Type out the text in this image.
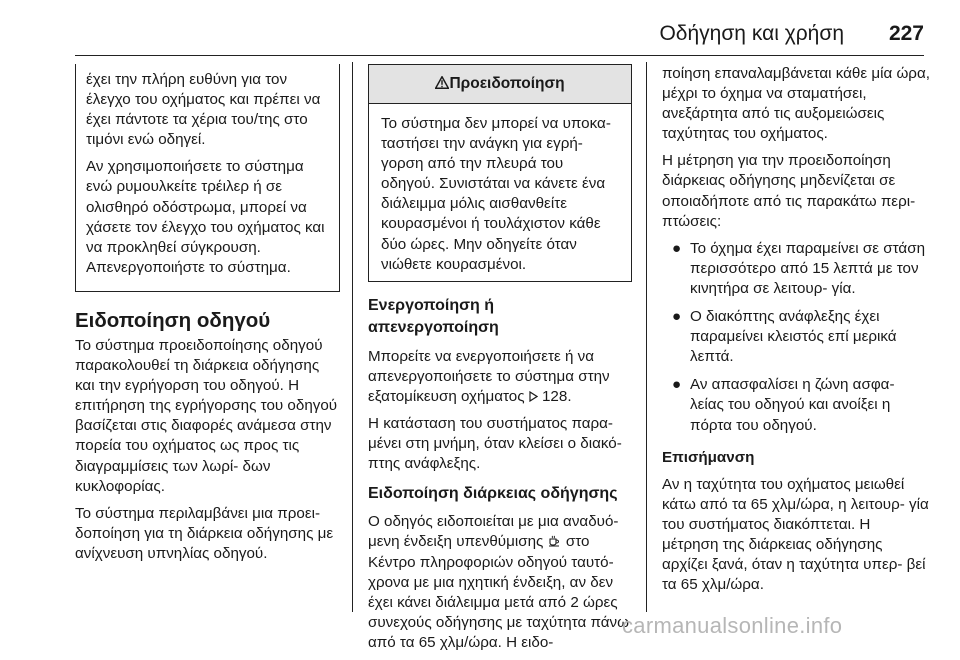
Οδήγηση και χρήση 227

έχει την πλήρη ευθύνη για τον έλεγχο του οχήματος και πρέπει να έχει πάντοτε τα χέρια του/της στο τιμόνι ενώ οδηγεί.

Αν χρησιμοποιήσετε το σύστημα ενώ ρυμουλκείτε τρέιλερ ή σε ολισθηρό οδόστρωμα, μπορεί να χάσετε τον έλεγχο του οχήματος και να προκληθεί σύγκρουση. Απενεργοποιήστε το σύστημα.

Ειδοποίηση οδηγού

Το σύστημα προειδοποίησης οδηγού παρακολουθεί τη διάρκεια οδήγησης και την εγρήγορση του οδηγού. Η επιτήρηση της εγρήγορσης του οδηγού βασίζεται στις διαφορές ανάμεσα στην πορεία του οχήματος ως προς τις διαγραμμίσεις των λωρί- δων κυκλοφορίας.

Το σύστημα περιλαμβάνει μια προει- δοποίηση για τη διάρκεια οδήγησης με ανίχνευση υπνηλίας οδηγού.

Προειδοποίηση
Το σύστημα δεν μπορεί να υποκα- ταστήσει την ανάγκη για εγρή- γορση από την πλευρά του οδηγού. Συνιστάται να κάνετε ένα διάλειμμα μόλις αισθανθείτε κουρασμένοι ή τουλάχιστον κάθε δύο ώρες. Μην οδηγείτε όταν νιώθετε κουρασμένοι.
Ενεργοποίηση ή απενεργοποίηση

Μπορείτε να ενεργοποιήσετε ή να απενεργοποιήσετε το σύστημα στην εξατομίκευση οχήματος  128.

Η κατάσταση του συστήματος παρα- μένει στη μνήμη, όταν κλείσει ο διακό- πτης ανάφλεξης.

Ειδοποίηση διάρκειας οδήγησης

Ο οδηγός ειδοποιείται με μια αναδυό- μενη ένδειξη υπενθύμισης  στο Κέντρο πληροφοριών οδηγού ταυτό- χρονα με μια ηχητική ένδειξη, αν δεν έχει κάνει διάλειμμα μετά από 2 ώρες συνεχούς οδήγησης με ταχύτητα πάνω από τα 65 χλμ/ώρα. Η ειδο-

ποίηση επαναλαμβάνεται κάθε μία ώρα, μέχρι το όχημα να σταματήσει, ανεξάρτητα από τις αυξομειώσεις ταχύτητας του οχήματος.

Η μέτρηση για την προειδοποίηση διάρκειας οδήγησης μηδενίζεται σε οποιαδήποτε από τις παρακάτω περι- πτώσεις:

● Το όχημα έχει παραμείνει σε στάση περισσότερο από 15 λεπτά με τον κινητήρα σε λειτουρ- γία.
● Ο διακόπτης ανάφλεξης έχει παραμείνει κλειστός επί μερικά λεπτά.
● Αν απασφαλίσει η ζώνη ασφα- λείας του οδηγού και ανοίξει η πόρτα του οδηγού.

Επισήμανση

Αν η ταχύτητα του οχήματος μειωθεί κάτω από τα 65 χλμ/ώρα, η λειτουρ- γία του συστήματος διακόπτεται. Η μέτρηση της διάρκειας οδήγησης αρχίζει ξανά, όταν η ταχύτητα υπερ- βεί τα 65 χλμ/ώρα.

carmanualsonline.info
